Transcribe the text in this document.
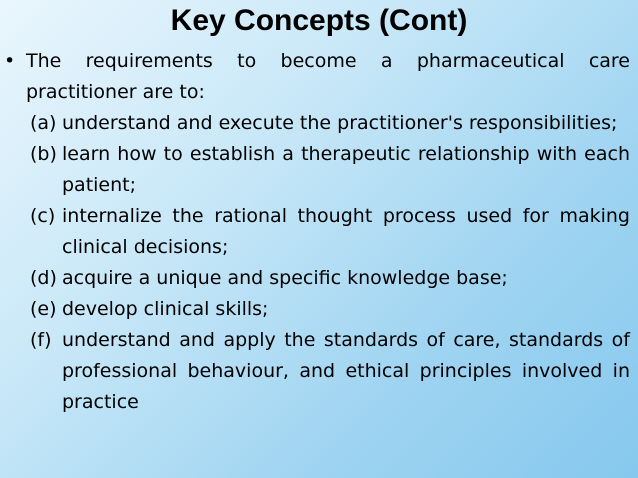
Key Concepts (Cont)
• The requirements to become a pharmaceutical care practitioner are to:
(a) understand and execute the practitioner's responsibilities;
(b) learn how to establish a therapeutic relationship with each patient;
(c) internalize the rational thought process used for making clinical decisions;
(d) acquire a unique and specific knowledge base;
(e) develop clinical skills;
(f) understand and apply the standards of care, standards of professional behaviour, and ethical principles involved in practice
